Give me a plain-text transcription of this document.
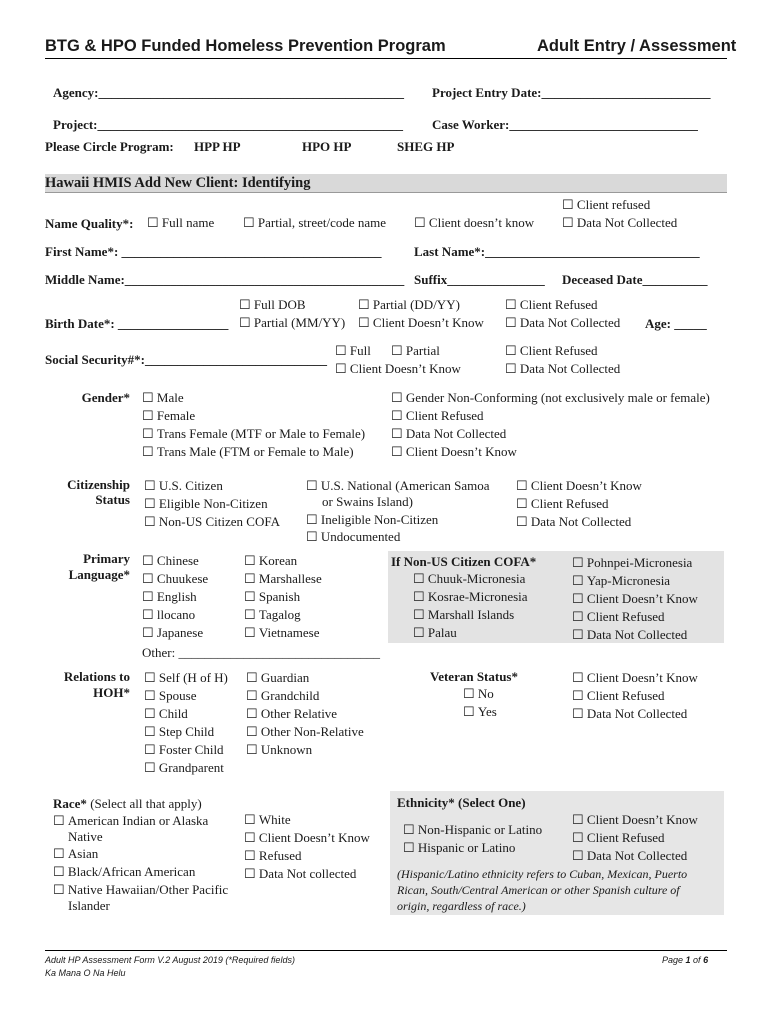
BTG & HPO Funded Homeless Prevention Program	Adult Entry / Assessment
Agency:_______________________________________________ Project Entry Date:__________________________
Project:_______________________________________________ Case Worker:_____________________________
Please Circle Program: HPP HP	HPO HP	SHEG HP
Hawaii HMIS Add New Client: Identifying
Name Quality*:	☐ Full name	☐ Partial, street/code name	☐ Client doesn’t know
☐ Client refused
☐ Data Not Collected
First Name*: ________________________________________ Last Name*:_________________________________
Middle Name:___________________________________________ Suffix_______________ Deceased Date__________
☐ Full DOB	☐ Partial (DD/YY)	☐ Client Refused
Birth Date*: _________________	☐ Partial (MM/YY)	☐ Client Doesn’t Know	☐ Data Not Collected Age: _____
☐ Full	☐ Partial	☐ Client Refused
Social Security#*:____________________________
☐ Client Doesn’t Know	☐ Data Not Collected
Gender*	☐ Male
☐ Female
☐ Trans Female (MTF or Male to Female)
☐ Trans Male (FTM or Female to Male)
☐ Gender Non-Conforming (not exclusively male or female)
☐ Client Refused
☐ Data Not Collected
☐ Client Doesn’t Know
Citizenship
Status
☐ U.S. Citizen
☐ Eligible Non-Citizen
☐ Non-US Citizen COFA
☐ U.S. National (American Samoa
or Swains Island)
☐ Ineligible Non-Citizen
☐ Undocumented
☐ Client Doesn’t Know
☐ Client Refused
☐ Data Not Collected
Primary
Language*
☐ Chinese
☐ Chuukese
☐ English
☐ llocano
☐ Japanese
☐ Korean
☐ Marshallese
☐ Spanish
☐ Tagalog
☐ Vietnamese
Other: _______________________________
If Non-US Citizen COFA*
☐ Chuuk-Micronesia
☐ Kosrae-Micronesia
☐ Marshall Islands
☐ Palau
☐ Pohnpei-Micronesia
☐ Yap-Micronesia
☐ Client Doesn’t Know
☐ Client Refused
☐ Data Not Collected
Relations to
HOH*
☐ Self (H of H)
☐ Spouse
☐ Child
☐ Step Child
☐ Foster Child
☐ Grandparent
☐ Guardian
☐ Grandchild
☐ Other Relative
☐ Other Non-Relative
☐ Unknown
Veteran Status*
☐ No
☐ Yes
☐ Client Doesn’t Know
☐ Client Refused
☐ Data Not Collected
Race* (Select all that apply)
☐ American Indian or Alaska
Native
☐ Asian
☐ Black/African American
☐ Native Hawaiian/Other Pacific
Islander
☐ White
☐ Client Doesn’t Know
☐ Refused
☐ Data Not collected
Ethnicity* (Select One)
☐ Non-Hispanic or Latino
☐ Hispanic or Latino
☐ Client Doesn’t Know
☐ Client Refused
☐ Data Not Collected
(Hispanic/Latino ethnicity refers to Cuban, Mexican, Puerto
Rican, South/Central American or other Spanish culture of
origin, regardless of race.)
Adult HP Assessment Form V.2 August 2019 (*Required fields)
Ka Mana O Na Helu
Page 1 of 6
